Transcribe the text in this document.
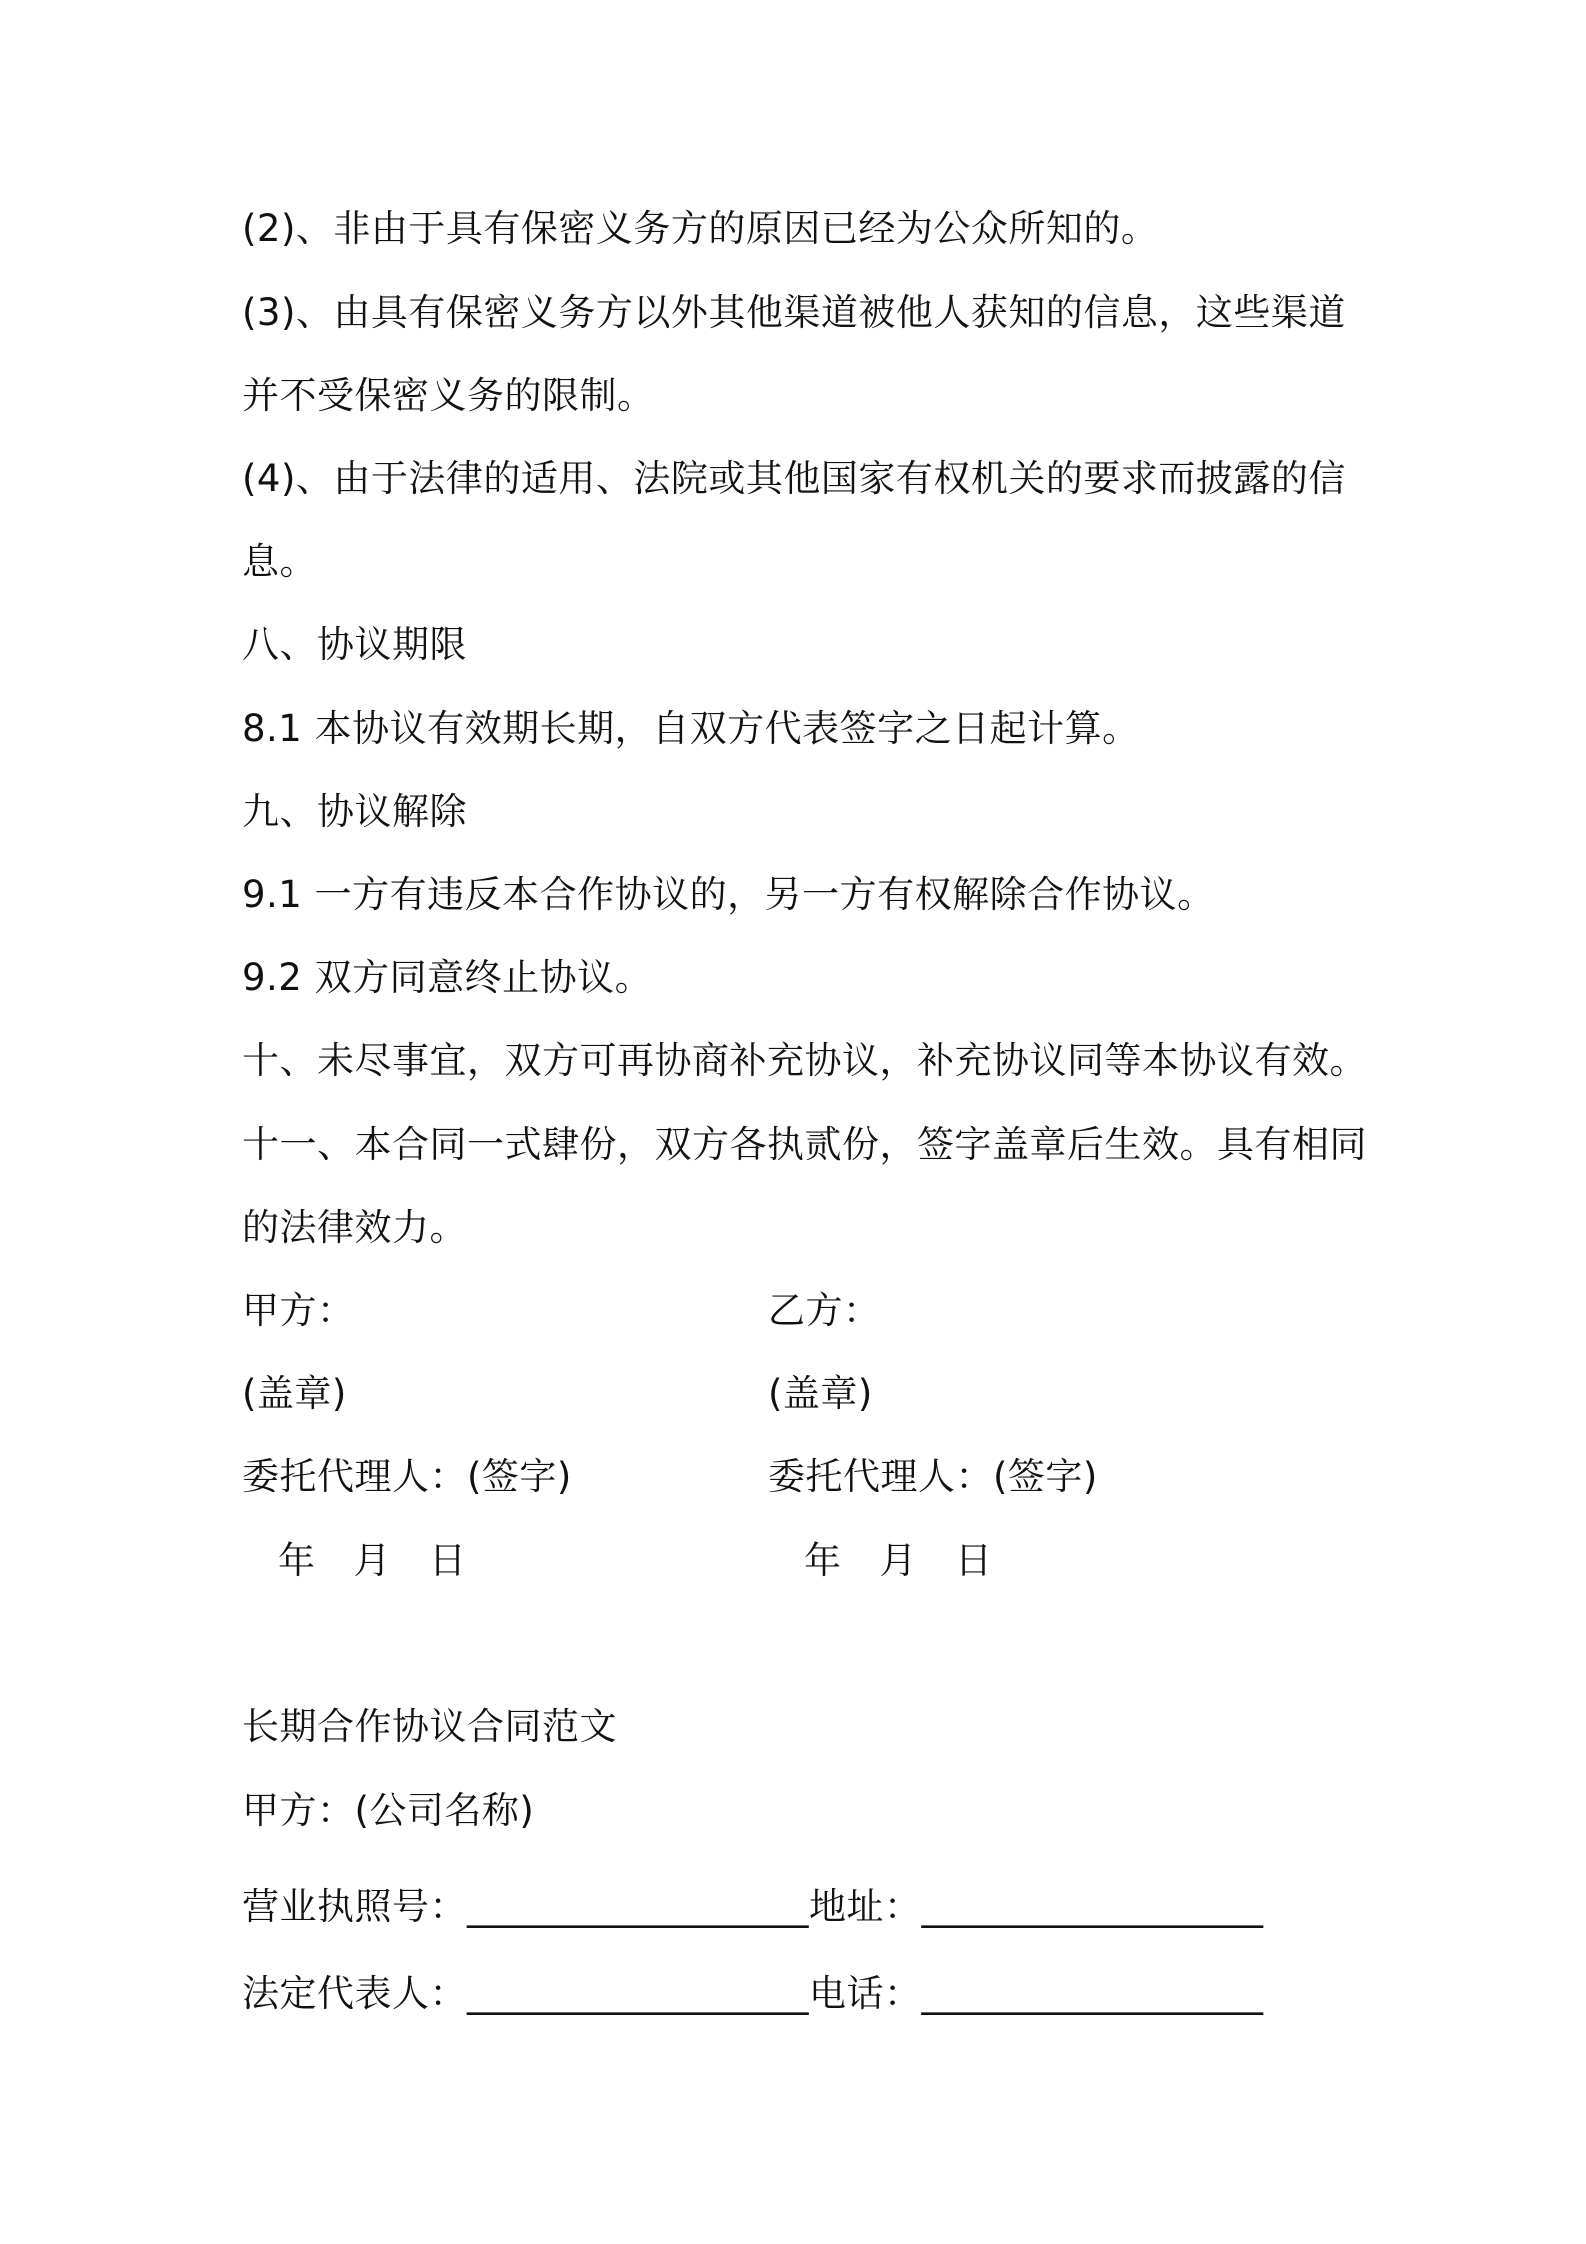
(2)、非由于具有保密义务方的原因已经为公众所知的。
(3)、由具有保密义务方以外其他渠道被他人获知的信息，这些渠道
并不受保密义务的限制。
(4)、由于法律的适用、法院或其他国家有权机关的要求而披露的信
息。
八、协议期限
8.1 本协议有效期长期，自双方代表签字之日起计算。
九、协议解除
9.1 一方有违反本合作协议的，另一方有权解除合作协议。
9.2 双方同意终止协议。
十、未尽事宜，双方可再协商补充协议，补充协议同等本协议有效。
十一、本合同一式肆份，双方各执贰份，签字盖章后生效。具有相同
的法律效力。
甲方：	乙方：
(盖章)	(盖章)
委托代理人：(签字)	委托代理人：(签字)
年 月 日	年 月 日
长期合作协议合同范文
甲方：(公司名称)
营业执照号：__________________地址：__________________
法定代表人：__________________电话：__________________
